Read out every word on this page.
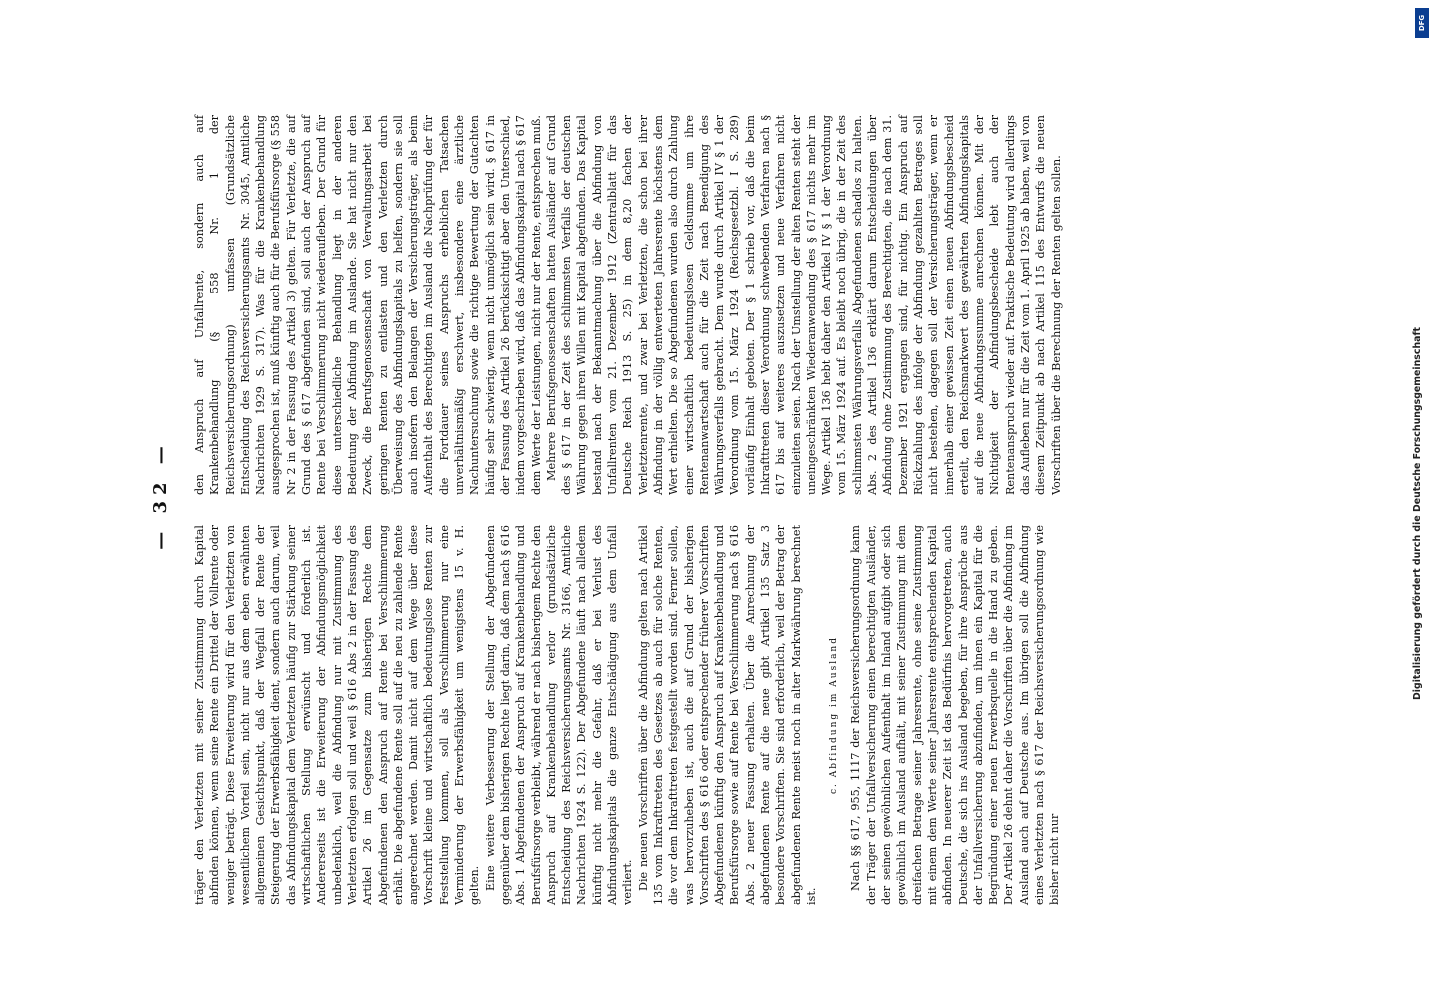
— 32 —

träger den Verletzten mit seiner Zustimmung durch Kapital abfinden können, wenn seine Rente ein Drittel der Vollrente oder weniger beträgt. Diese Erweiterung wird für den Verletzten von wesentlichem Vorteil sein, nicht nur aus dem eben erwähnten allgemeinen Gesichtspunkt, daß der Wegfall der Rente der Steigerung der Erwerbsfähigkeit dient, sondern auch darum, weil das Abfindungskapital dem Verletzten häufig zur Stärkung seiner wirtschaftlichen Stellung erwünscht und förderlich ist. Andererseits ist die Erweiterung der Abfindungsmöglichkeit unbedenklich, weil die Abfindung nur mit Zustimmung des Verletzten erfolgen soll und weil § 616 Abs 2 in der Fassung des Artikel 26 im Gegensatze zum bisherigen Rechte dem Abgefundenen den Anspruch auf Rente bei Verschlimmerung erhält. Die abgefundene Rente soll auf die neu zu zahlende Rente angerechnet werden. Damit nicht auf dem Wege über diese Vorschrift kleine und wirtschaftlich bedeutungslose Renten zur Feststellung kommen, soll als Verschlimmerung nur eine Verminderung der Erwerbsfähigkeit um wenigstens 15 v. H. gelten. Eine weitere Verbesserung der Stellung der Abgefundenen gegenüber dem bisherigen Rechte liegt darin, daß dem nach § 616 Abs. 1 Abgefundenen der Anspruch auf Krankenbehandlung und Berufsfürsorge verbleibt, während er nach bisherigem Rechte den Anspruch auf Krankenbehandlung verlor (grundsätzliche Entscheidung des Reichsversicherungsamts Nr. 3166, Amtliche Nachrichten 1924 S. 122). Der Abgefundene läuft nach alledem künftig nicht mehr die Gefahr, daß er bei Verlust des Abfindungskapitals die ganze Entschädigung aus dem Unfall verliert. Die neuen Vorschriften über die Abfindung gelten nach Artikel 135 vom Inkrafttreten des Gesetzes ab auch für solche Renten, die vor dem Inkrafttreten festgestellt worden sind. Ferner sollen, was hervorzuheben ist, auch die auf Grund der bisherigen Vorschriften des § 616 oder entsprechender früherer Vorschriften Abgefundenen künftig den Anspruch auf Krankenbehandlung und Berufsfürsorge sowie auf Rente bei Verschlimmerung nach § 616 Abs. 2 neuer Fassung erhalten. Über die Anrechnung der abgefundenen Rente auf die neue gibt Artikel 135 Satz 3 besondere Vorschriften. Sie sind erforderlich, weil der Betrag der abgefundenen Rente meist noch in alter Markwährung berechnet ist.

c. Abfindung im Ausland Nach §§ 617, 955, 1117 der Reichsversicherungsordnung kann der Träger der Unfallversicherung einen berechtigten Ausländer, der seinen gewöhnlichen Aufenthalt im Inland aufgibt oder sich gewöhnlich im Ausland aufhält, mit seiner Zustimmung mit dem dreifachen Betrage seiner Jahresrente, ohne seine Zustimmung mit einem dem Werte seiner Jahresrente entsprechenden Kapital abfinden. In neuerer Zeit ist das Bedürfnis hervorgetreten, auch Deutsche, die sich ins Ausland begeben, für ihre Ansprüche aus der Unfallversicherung abzufinden, um ihnen ein Kapital für die Begründung einer neuen Erwerbsquelle in die Hand zu geben. Der Artikel 26 dehnt daher die Vorschriften über die Abfindung im Ausland auch auf Deutsche aus. Im übrigen soll die Abfindung eines Verletzten nach § 617 der Reichsversicherungsordnung wie bisher nicht nur

den Anspruch auf Unfallrente, sondern auch auf Krankenbehandlung (§ 558 Nr. 1 der Reichsversicherungsordnung) umfassen (Grundsätzliche Entscheidung des Reichsversicherungsamts Nr. 3045, Amtliche Nachrichten 1929 S. 317). Was für die Krankenbehandlung ausgesprochen ist, muß künftig auch für die Berufsfürsorge (§ 558 Nr 2 in der Fassung des Artikel 3) gelten. Für Verletzte, die auf Grund des § 617 abgefunden sind, soll auch der Anspruch auf Rente bei Verschlimmerung nicht wiederaufleben. Der Grund für diese unterschiedliche Behandlung liegt in der anderen Bedeutung der Abfindung im Auslande. Sie hat nicht nur den Zweck, die Berufsgenossenschaft von Verwaltungsarbeit bei geringen Renten zu entlasten und den Verletzten durch Überweisung des Abfindungskapitals zu helfen, sondern sie soll auch insofern den Belangen der Versicherungsträger, als beim Aufenthalt des Berechtigten im Ausland die Nachprüfung der für die Fortdauer seines Anspruchs erheblichen Tatsachen unverhältnismäßig erschwert, insbesondere eine ärztliche Nachuntersuchung sowie die richtige Bewertung der Gutachten häufig sehr schwierig, wenn nicht unmöglich sein wird. § 617 in der Fassung des Artikel 26 berücksichtigt aber den Unterschied, indem vorgeschrieben wird, daß das Abfindungskapital nach § 617 dem Werte der Leistungen, nicht nur der Rente, entsprechen muß. Mehrere Berufsgenossenschaften hatten Ausländer auf Grund des § 617 in der Zeit des schlimmsten Verfalls der deutschen Währung gegen ihren Willen mit Kapital abgefunden. Das Kapital bestand nach der Bekanntmachung über die Abfindung von Unfallrenten vom 21. Dezember 1912 (Zentralblatt für das Deutsche Reich 1913 S. 25) in dem 8,20 fachen der Verletztenrente, und zwar bei Verletzten, die schon bei ihrer Abfindung in der völlig entwerteten Jahresrente höchstens dem Wert erhielten. Die so Abgefundenen wurden also durch Zahlung einer wirtschaftlich bedeutungslosen Geldsumme um ihre Rentenanwartschaft auch für die Zeit nach Beendigung des Währungsverfalls gebracht. Dem wurde durch Artikel IV § 1 der Verordnung vom 15. März 1924 (Reichsgesetzbl. I S. 289) vorläufig Einhalt geboten. Der § 1 schrieb vor, daß die beim Inkrafttreten dieser Verordnung schwebenden Verfahren nach § 617 bis auf weiteres auszusetzen und neue Verfahren nicht einzuleiten seien. Nach der Umstellung der alten Renten steht der uneingeschränkten Wiederanwendung des § 617 nichts mehr im Wege. Artikel 136 hebt daher den Artikel IV § 1 der Verordnung vom 15. März 1924 auf. Es bleibt noch übrig, die in der Zeit des schlimmsten Währungsverfalls Abgefundenen schadlos zu halten. Abs. 2 des Artikel 136 erklärt darum Entscheidungen über Abfindung ohne Zustimmung des Berechtigten, die nach dem 31. Dezember 1921 ergangen sind, für nichtig. Ein Anspruch auf Rückzahlung des infolge der Abfindung gezahlten Betrages soll nicht bestehen, dagegen soll der Versicherungsträger, wenn er innerhalb einer gewissen Zeit einen neuen Abfindungsbescheid erteilt, den Reichsmarkwert des gewährten Abfindungskapitals auf die neue Abfindungssumme anrechnen können. Mit der Nichtigkeit der Abfindungsbescheide lebt auch der Rentenanspruch wieder auf. Praktische Bedeutung wird allerdings das Aufleben nur für die Zeit vom 1. April 1925 ab haben, weil von diesem Zeitpunkt ab nach Artikel 115 des Entwurfs die neuen Vorschriften über die Berechnung der Renten gelten sollen.

DFG
Digitalisierung gefördert durch die Deutsche Forschungsgemeinschaft
